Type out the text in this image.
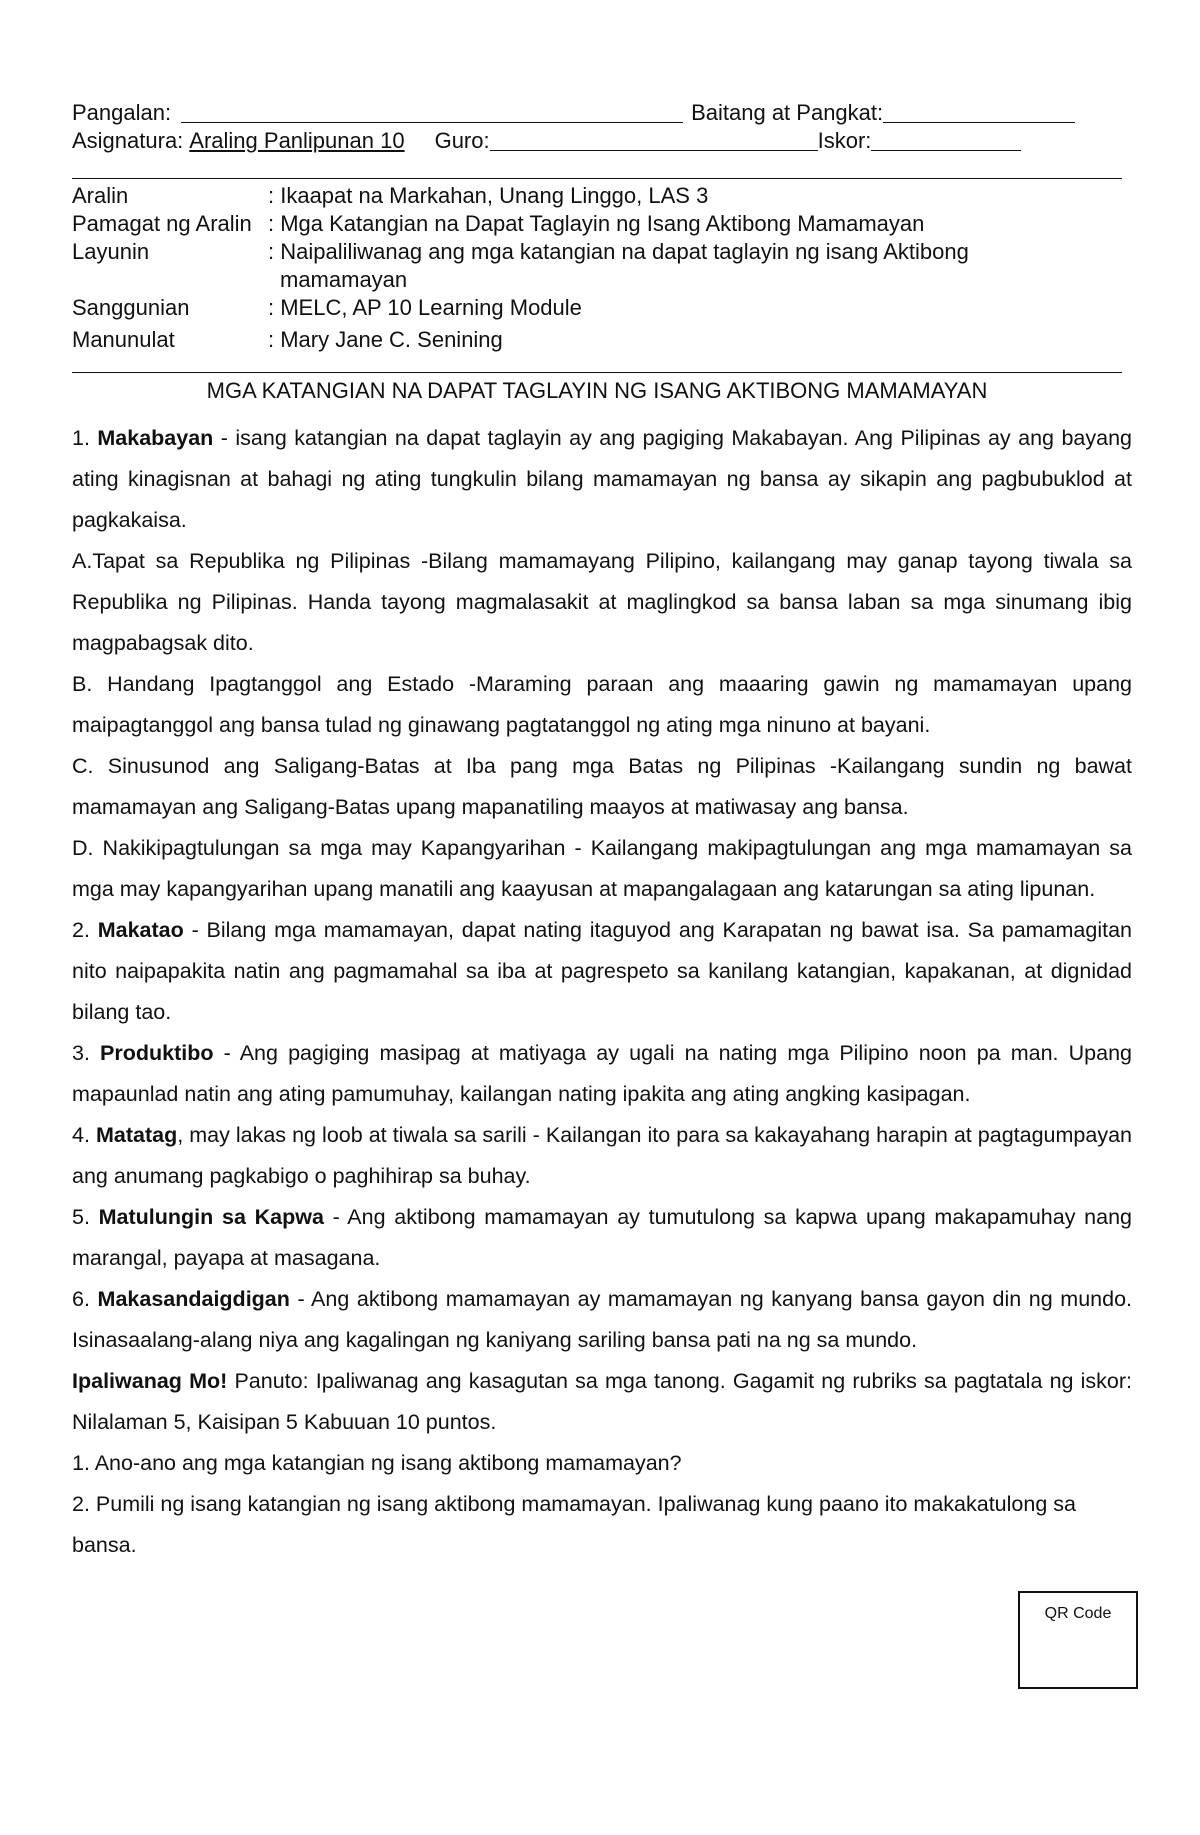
Pangalan:	Baitang at Pangkat:
Asignatura: Araling Panlipunan 10 Guro:	Iskor:
Aralin	: Ikaapat na Markahan, Unang Linggo, LAS 3
Pamagat ng Aralin : Mga Katangian na Dapat Taglayin ng Isang Aktibong Mamamayan
Layunin	: Naipaliliwanag ang mga katangian na dapat taglayin ng isang Aktibong
mamamayan
Sanggunian	: MELC, AP 10 Learning Module
Manunulat	: Mary Jane C. Senining
MGA KATANGIAN NA DAPAT TAGLAYIN NG ISANG AKTIBONG MAMAMAYAN

1. Makabayan - isang katangian na dapat taglayin ay ang pagiging Makabayan. Ang Pilipinas ay ang bayang ating kinagisnan at bahagi ng ating tungkulin bilang mamamayan ng bansa ay sikapin ang pagbubuklod at pagkakaisa.

A.Tapat sa Republika ng Pilipinas -Bilang mamamayang Pilipino, kailangang may ganap tayong tiwala sa Republika ng Pilipinas. Handa tayong magmalasakit at maglingkod sa bansa laban sa mga sinumang ibig magpabagsak dito.

B. Handang Ipagtanggol ang Estado -Maraming paraan ang maaaring gawin ng mamamayan upang maipagtanggol ang bansa tulad ng ginawang pagtatanggol ng ating mga ninuno at bayani.

C. Sinusunod ang Saligang-Batas at Iba pang mga Batas ng Pilipinas -Kailangang sundin ng bawat mamamayan ang Saligang-Batas upang mapanatiling maayos at matiwasay ang bansa.

D. Nakikipagtulungan sa mga may Kapangyarihan - Kailangang makipagtulungan ang mga mamamayan sa mga may kapangyarihan upang manatili ang kaayusan at mapangalagaan ang katarungan sa ating lipunan.

2. Makatao - Bilang mga mamamayan, dapat nating itaguyod ang Karapatan ng bawat isa. Sa pamamagitan nito naipapakita natin ang pagmamahal sa iba at pagrespeto sa kanilang katangian, kapakanan, at dignidad bilang tao.

3. Produktibo - Ang pagiging masipag at matiyaga ay ugali na nating mga Pilipino noon pa man. Upang mapaunlad natin ang ating pamumuhay, kailangan nating ipakita ang ating angking kasipagan.

4. Matatag, may lakas ng loob at tiwala sa sarili - Kailangan ito para sa kakayahang harapin at pagtagumpayan ang anumang pagkabigo o paghihirap sa buhay.

5. Matulungin sa Kapwa - Ang aktibong mamamayan ay tumutulong sa kapwa upang makapamuhay nang marangal, payapa at masagana.

6. Makasandaigdigan - Ang aktibong mamamayan ay mamamayan ng kanyang bansa gayon din ng mundo. Isinasaalang-alang niya ang kagalingan ng kaniyang sariling bansa pati na ng sa mundo.

Ipaliwanag Mo! Panuto: Ipaliwanag ang kasagutan sa mga tanong. Gagamit ng rubriks sa pagtatala ng iskor: Nilalaman 5, Kaisipan 5 Kabuuan 10 puntos.

1. Ano-ano ang mga katangian ng isang aktibong mamamayan?

2. Pumili ng isang katangian ng isang aktibong mamamayan. Ipaliwanag kung paano ito makakatulong sa bansa.

QR Code
